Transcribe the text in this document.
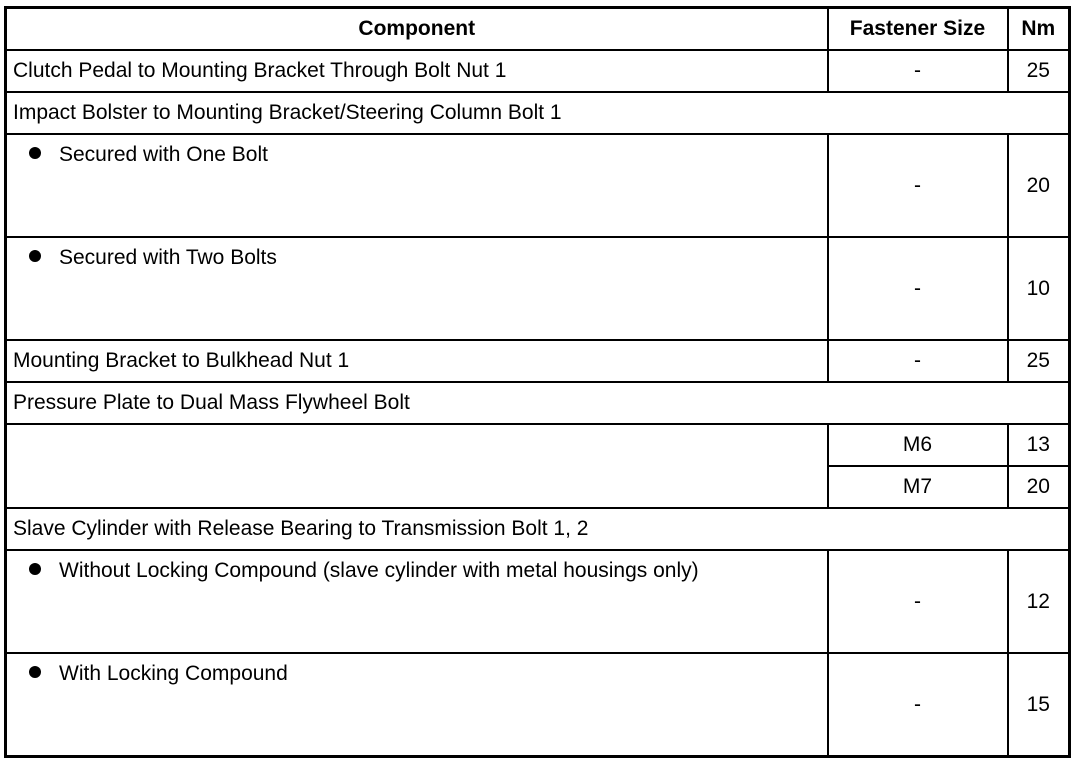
Component	Fastener Size	Nm
Clutch Pedal to Mounting Bracket Through Bolt Nut 1	-	25
Impact Bolster to Mounting Bracket/Steering Column Bolt 1		
Secured with One Bolt	-	20
Secured with Two Bolts	-	10
Mounting Bracket to Bulkhead Nut 1	-	25
Pressure Plate to Dual Mass Flywheel Bolt		
	M6	13
	M7	20
Slave Cylinder with Release Bearing to Transmission Bolt 1, 2		
Without Locking Compound (slave cylinder with metal housings only)	-	12
With Locking Compound	-	15
